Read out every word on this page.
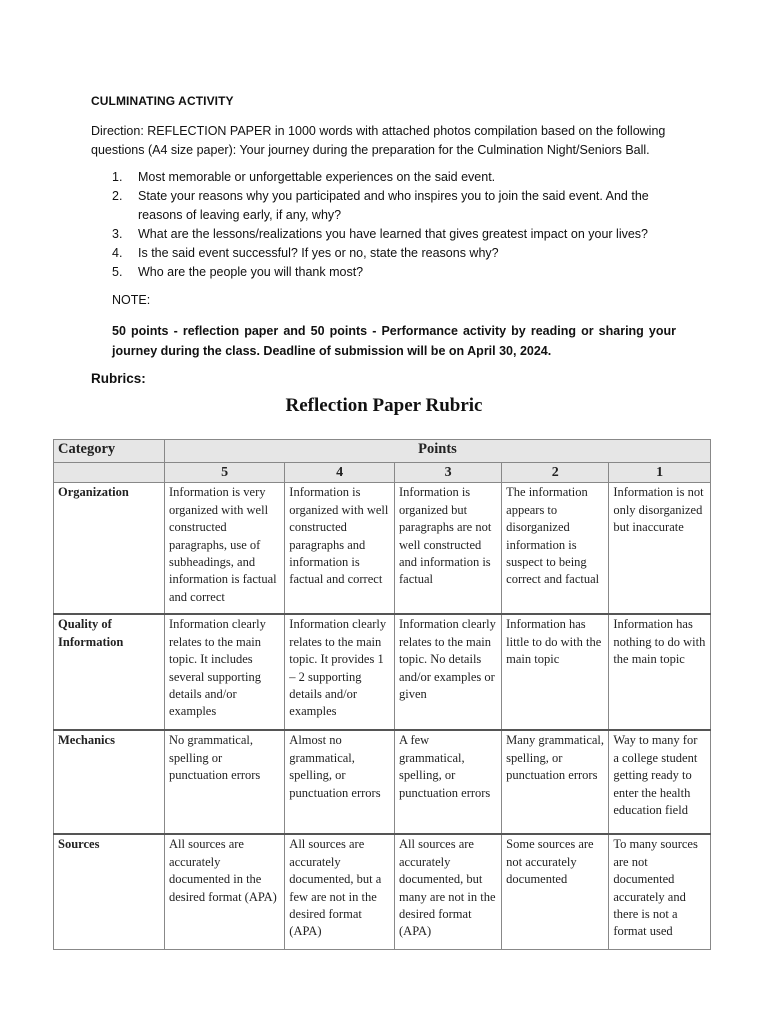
CULMINATING ACTIVITY
Direction: REFLECTION PAPER in 1000 words with attached photos compilation based on the following questions (A4 size paper): Your journey during the preparation for the Culmination Night/Seniors Ball.
1. Most memorable or unforgettable experiences on the said event.
2. State your reasons why you participated and who inspires you to join the said event. And the reasons of leaving early, if any, why?
3. What are the lessons/realizations you have learned that gives greatest impact on your lives?
4. Is the said event successful? If yes or no, state the reasons why?
5. Who are the people you will thank most?
NOTE:
50 points - reflection paper and 50 points - Performance activity by reading or sharing your journey during the class. Deadline of submission will be on April 30, 2024.
Rubrics:
Reflection Paper Rubric
Category	Points				
	5	4	3	2	1
Organization	Information is very organized with well constructed paragraphs, use of subheadings, and information is factual and correct	Information is organized with well constructed paragraphs and information is factual and correct	Information is organized but paragraphs are not well constructed and information is factual	The information appears to disorganized information is suspect to being correct and factual	Information is not only disorganized but inaccurate
Quality of Information	Information clearly relates to the main topic. It includes several supporting details and/or examples	Information clearly relates to the main topic. It provides 1 – 2 supporting details and/or examples	Information clearly relates to the main topic. No details and/or examples or given	Information has little to do with the main topic	Information has nothing to do with the main topic
Mechanics	No grammatical, spelling or punctuation errors	Almost no grammatical, spelling, or punctuation errors	A few grammatical, spelling, or punctuation errors	Many grammatical, spelling, or punctuation errors	Way to many for a college student getting ready to enter the health education field
Sources	All sources are accurately documented in the desired format (APA)	All sources are accurately documented, but a few are not in the desired format (APA)	All sources are accurately documented, but many are not in the desired format (APA)	Some sources are not accurately documented	To many sources are not documented accurately and there is not a format used
